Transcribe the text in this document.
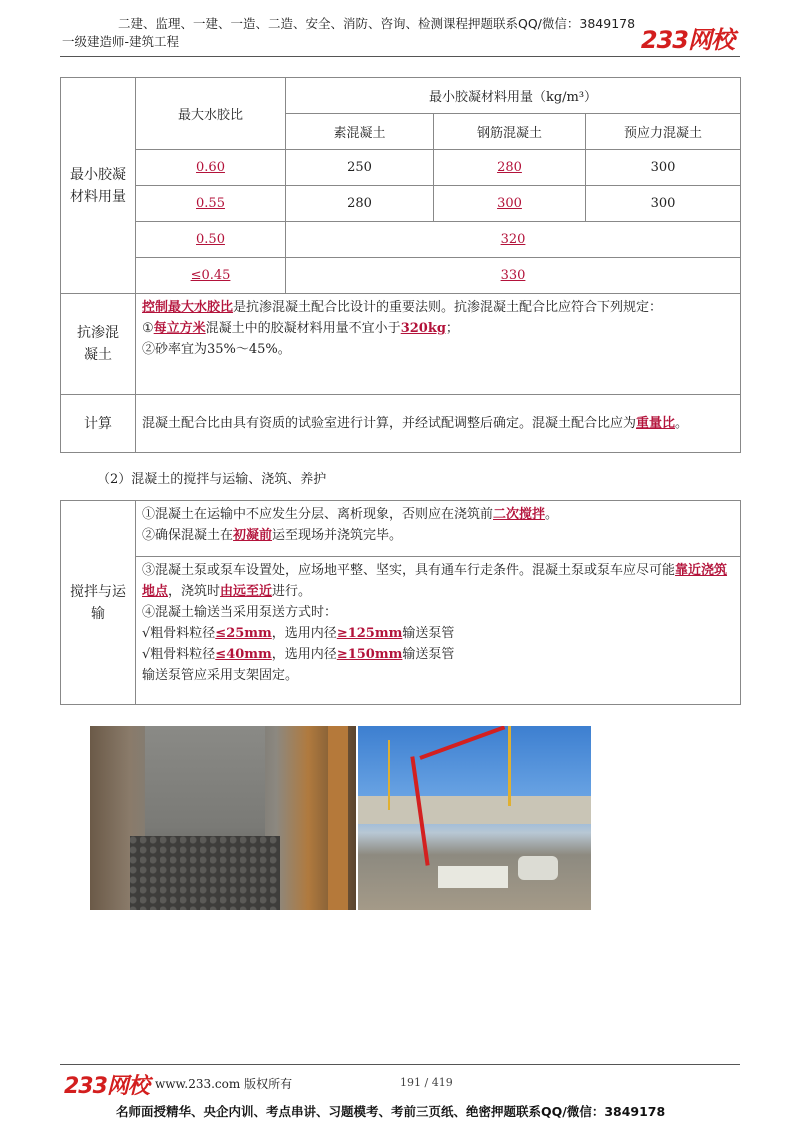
二建、监理、一建、一造、二造、安全、消防、咨询、检测课程押题联系QQ/微信：3849178
一级建造师-建筑工程	233网校
最小胶凝材料用量	最大水胶比	最小胶凝材料用量（kg/m³）		
		素混凝土	钢筋混凝土	预应力混凝土
	0.60	250	280	300
	0.55	280	300	300
	0.50	320		
	≤0.45	330		

抗渗混凝土	控制最大水胶比是抗渗混凝土配合比设计的重要法则。抗渗混凝土配合比应符合下列规定：
①每立方米混凝土中的胶凝材料用量不宜小于320kg；
②砂率宜为35%～45%。			

计算	混凝土配合比由具有资质的试验室进行计算，并经试配调整后确定。混凝土配合比应为重量比。			
（2）混凝土的搅拌与运输、浇筑、养护
搅拌与运输

①混凝土在运输中不应发生分层、离析现象，否则应在浇筑前二次搅拌。
②确保混凝土在初凝前运至现场并浇筑完毕。

③混凝土泵或泵车设置处，应场地平整、坚实，具有通车行走条件。混凝土泵或泵车应尽可能靠近浇筑地点，浇筑时由远至近进行。
④混凝土输送当采用泵送方式时：
√粗骨料粒径≤25mm，选用内径≥125mm输送泵管
√粗骨料粒径≤40mm，选用内径≥150mm输送泵管
输送泵管应采用支架固定。
233网校 www.233.com 版权所有	191 / 419
名师面授精华、央企内训、考点串讲、习题模考、考前三页纸、绝密押题联系QQ/微信：3849178
